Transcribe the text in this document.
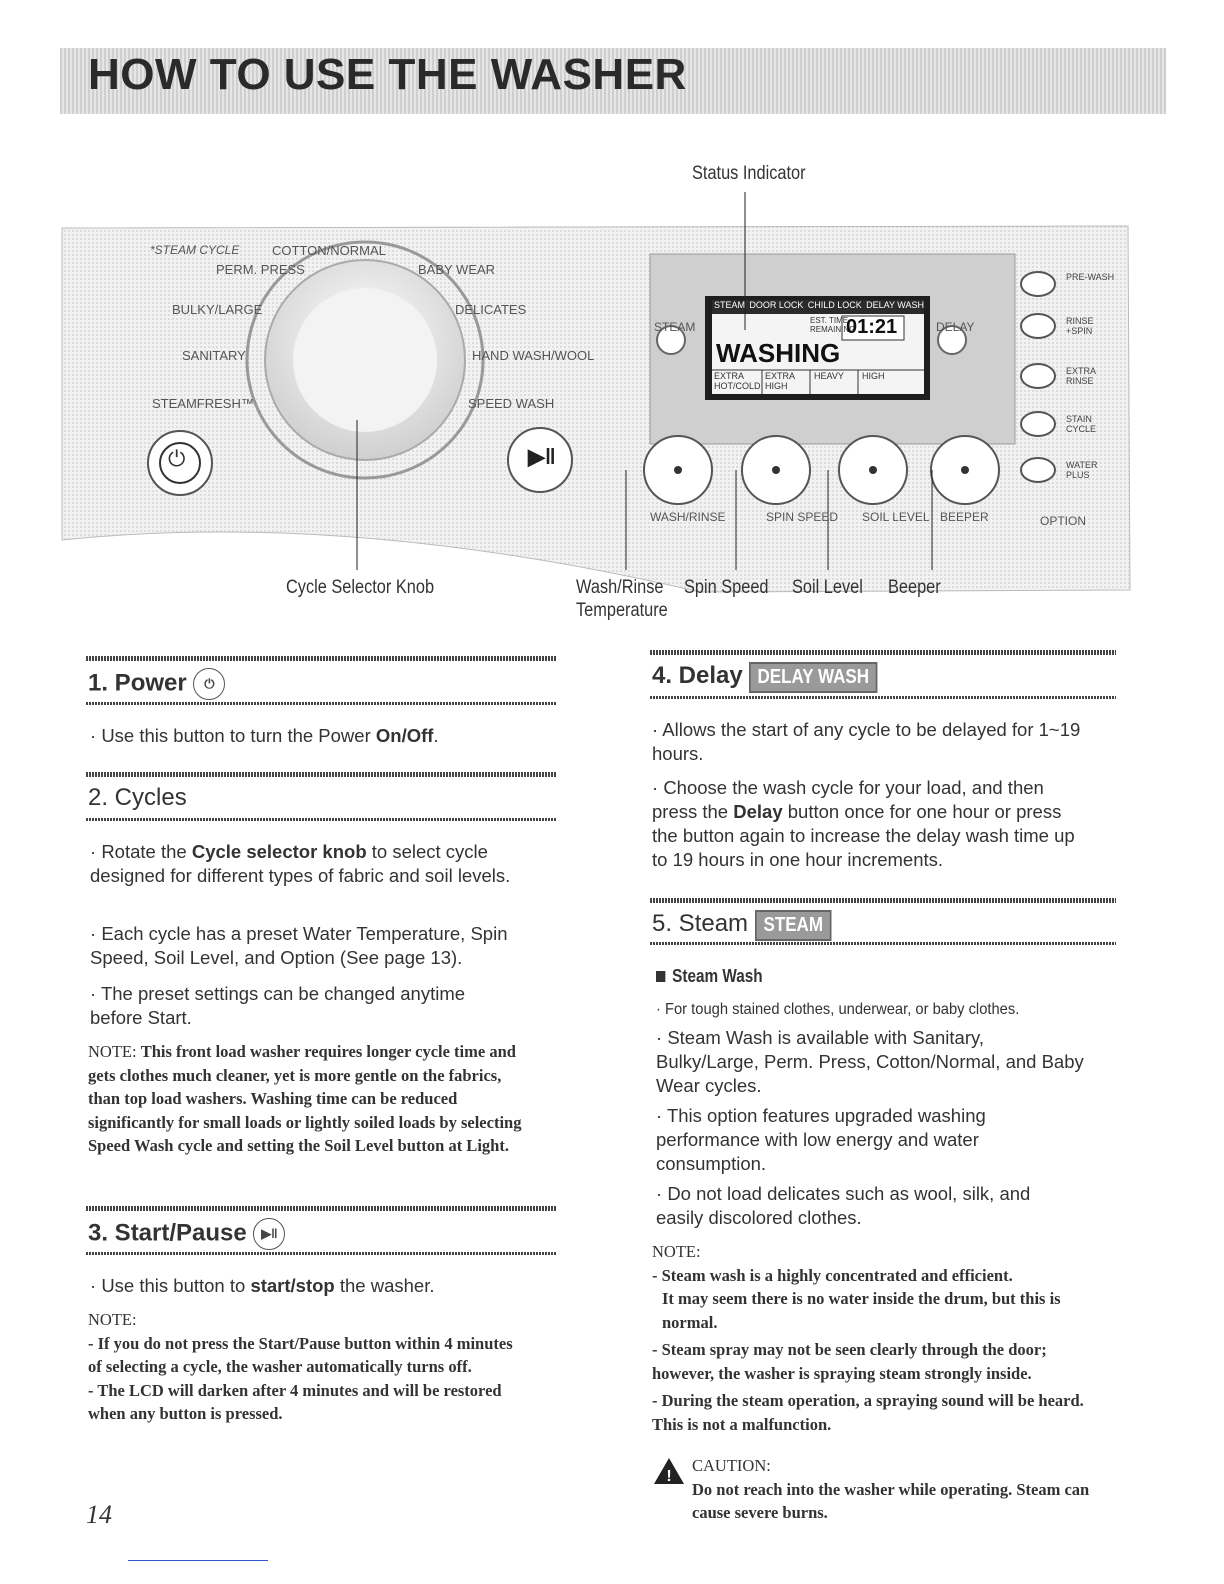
HOW TO USE THE WASHER
*STEAM CYCLE	COTTON/NORMAL
PERM. PRESS	BABY WEAR
BULKY/LARGE	DELICATES
SANITARY	HAND WASH/WOOL
STEAMFRESH™	SPEED WASH
⏻	▶‖
STEAM DOOR LOCK CHILD LOCK DELAY WASH
EST. TIME
REMAINING
01:21
WASHING
EXTRA HOT/COLD
EXTRA HIGH
HEAVY HIGH
STEAM	DELAY
WASH/RINSE	SPIN SPEED SOIL LEVEL BEEPER	OPTION
PRE-WASH
RINSE +SPIN
EXTRA RINSE
STAIN CYCLE
WATER PLUS
Status Indicator
Cycle Selector Knob	Wash/Rinse
Temperature
Spin Speed Soil Level Beeper
1. Power ⏻
· Use this button to turn the Power On/Off.
2. Cycles
· Rotate the Cycle selector knob to select cycle designed for different types of fabric and soil levels.
· Each cycle has a preset Water Temperature, Spin Speed, Soil Level, and Option (See page 13).
· The preset settings can be changed anytime before Start.
NOTE: This front load washer requires longer cycle time and gets clothes much cleaner, yet is more gentle on the fabrics, than top load washers. Washing time can be reduced significantly for small loads or lightly soiled loads by selecting Speed Wash cycle and setting the Soil Level button at Light.
3. Start/Pause ▶‖
· Use this button to start/stop the washer.
NOTE:
- If you do not press the Start/Pause button within 4 minutes of selecting a cycle, the washer automatically turns off.
- The LCD will darken after 4 minutes and will be restored when any button is pressed.
14
4. Delay DELAY WASH
· Allows the start of any cycle to be delayed for 1~19 hours.
· Choose the wash cycle for your load, and then press the Delay button once for one hour or press the button again to increase the delay wash time up to 19 hours in one hour increments.
5. Steam STEAM
Steam Wash
· For tough stained clothes, underwear, or baby clothes.
· Steam Wash is available with Sanitary, Bulky/Large, Perm. Press, Cotton/Normal, and Baby Wear cycles.
· This option features upgraded washing performance with low energy and water consumption.
· Do not load delicates such as wool, silk, and easily discolored clothes.
NOTE:
- Steam wash is a highly concentrated and efficient.
It may seem there is no water inside the drum, but this is normal.
- Steam spray may not be seen clearly through the door; however, the washer is spraying steam strongly inside.
- During the steam operation, a spraying sound will be heard. This is not a malfunction.
!
CAUTION:
Do not reach into the washer while operating. Steam can cause severe burns.
